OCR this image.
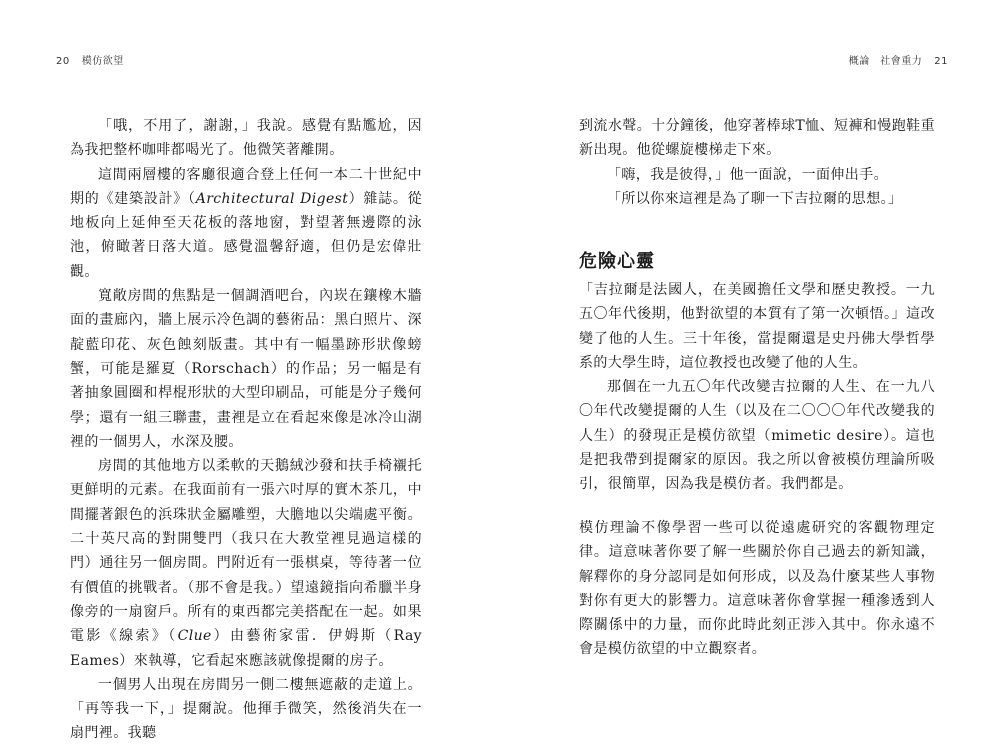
20 模仿欲望

「哦，不用了，謝謝，」我說。感覺有點尷尬，因為我把整杯咖啡都喝光了。他微笑著離開。

這間兩層樓的客廳很適合登上任何一本二十世紀中期的《建築設計》（Architectural Digest）雜誌。從地板向上延伸至天花板的落地窗，對望著無邊際的泳池，俯瞰著日落大道。感覺溫馨舒適，但仍是宏偉壯觀。

寬敞房間的焦點是一個調酒吧台，內崁在鑲橡木牆面的畫廊內，牆上展示冷色調的藝術品：黑白照片、深靛藍印花、灰色蝕刻版畫。其中有一幅墨跡形狀像螃蟹，可能是羅夏（Rorschach）的作品；另一幅是有著抽象圓圈和桿棍形狀的大型印刷品，可能是分子幾何學；還有一組三聯畫，畫裡是立在看起來像是冰冷山湖裡的一個男人，水深及腰。

房間的其他地方以柔軟的天鵝絨沙發和扶手椅襯托更鮮明的元素。在我面前有一張六吋厚的實木茶几，中間擺著銀色的浜珠狀金屬雕塑，大膽地以尖端處平衡。二十英尺高的對開雙門（我只在大教堂裡見過這樣的門）通往另一個房間。門附近有一張棋桌，等待著一位有價值的挑戰者。（那不會是我。）望遠鏡指向希臘半身像旁的一扇窗戶。所有的東西都完美搭配在一起。如果電影《線索》（Clue）由藝術家雷．伊姆斯（Ray Eames）來執導，它看起來應該就像提爾的房子。

一個男人出現在房間另一側二樓無遮蔽的走道上。「再等我一下，」提爾說。他揮手微笑，然後消失在一扇門裡。我聽

概論　社會重力 21

到流水聲。十分鐘後，他穿著棒球T恤、短褲和慢跑鞋重新出現。他從螺旋樓梯走下來。

「嗨，我是彼得，」他一面說，一面伸出手。

「所以你來這裡是為了聊一下吉拉爾的思想。」

危險心靈

「吉拉爾是法國人，在美國擔任文學和歷史教授。一九五〇年代後期，他對欲望的本質有了第一次頓悟。」這改變了他的人生。三十年後，當提爾還是史丹佛大學哲學系的大學生時，這位教授也改變了他的人生。

那個在一九五〇年代改變吉拉爾的人生、在一九八〇年代改變提爾的人生（以及在二〇〇〇年代改變我的人生）的發現正是模仿欲望（mimetic desire）。這也是把我帶到提爾家的原因。我之所以會被模仿理論所吸引，很簡單，因為我是模仿者。我們都是。

模仿理論不像學習一些可以從遠處研究的客觀物理定律。這意味著你要了解一些關於你自己過去的新知識，解釋你的身分認同是如何形成，以及為什麼某些人事物對你有更大的影響力。這意味著你會掌握一種滲透到人際關係中的力量，而你此時此刻正涉入其中。你永遠不會是模仿欲望的中立觀察者。
